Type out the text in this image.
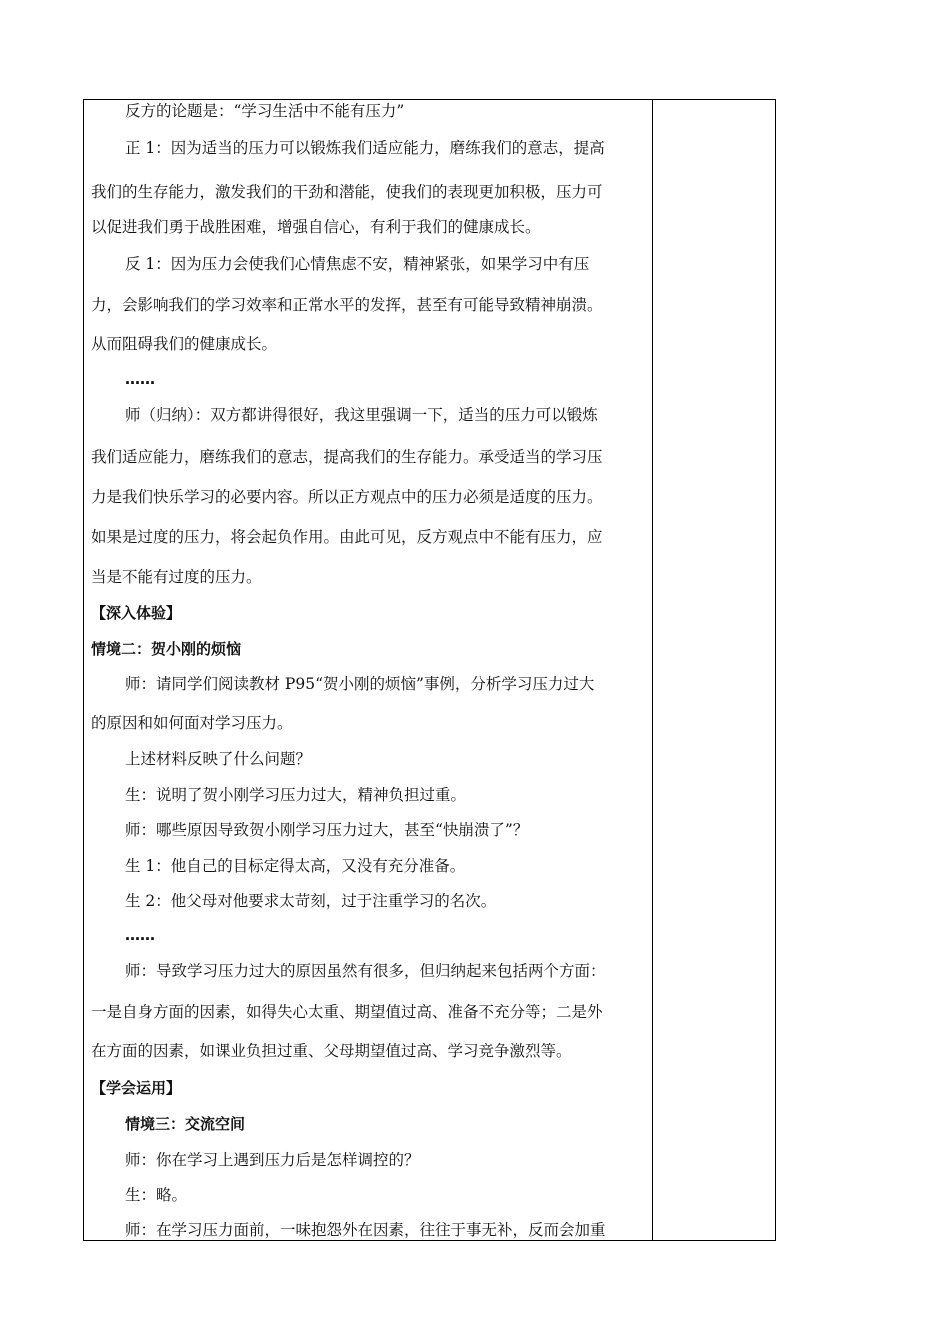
反方的论题是：“学习生活中不能有压力”
正 1：因为适当的压力可以锻炼我们适应能力，磨练我们的意志，提高
我们的生存能力，激发我们的干劲和潜能，使我们的表现更加积极，压力可
以促进我们勇于战胜困难，增强自信心，有利于我们的健康成长。
反 1：因为压力会使我们心情焦虑不安，精神紧张，如果学习中有压
力，会影响我们的学习效率和正常水平的发挥，甚至有可能导致精神崩溃。
从而阻碍我们的健康成长。
……
师（归纳）：双方都讲得很好，我这里强调一下，适当的压力可以锻炼
我们适应能力，磨练我们的意志，提高我们的生存能力。承受适当的学习压
力是我们快乐学习的必要内容。所以正方观点中的压力必须是适度的压力。
如果是过度的压力，将会起负作用。由此可见，反方观点中不能有压力，应
当是不能有过度的压力。
【深入体验】
情境二：贺小刚的烦恼
师：请同学们阅读教材 P95“贺小刚的烦恼”事例，分析学习压力过大
的原因和如何面对学习压力。
上述材料反映了什么问题？
生：说明了贺小刚学习压力过大，精神负担过重。
师：哪些原因导致贺小刚学习压力过大，甚至“快崩溃了”？
生 1：他自己的目标定得太高，又没有充分准备。
生 2：他父母对他要求太苛刻，过于注重学习的名次。
……
师：导致学习压力过大的原因虽然有很多，但归纳起来包括两个方面：
一是自身方面的因素，如得失心太重、期望值过高、准备不充分等；二是外
在方面的因素，如课业负担过重、父母期望值过高、学习竞争激烈等。
【学会运用】
情境三：交流空间
师：你在学习上遇到压力后是怎样调控的？
生：略。
师：在学习压力面前，一味抱怨外在因素，往往于事无补，反而会加重
